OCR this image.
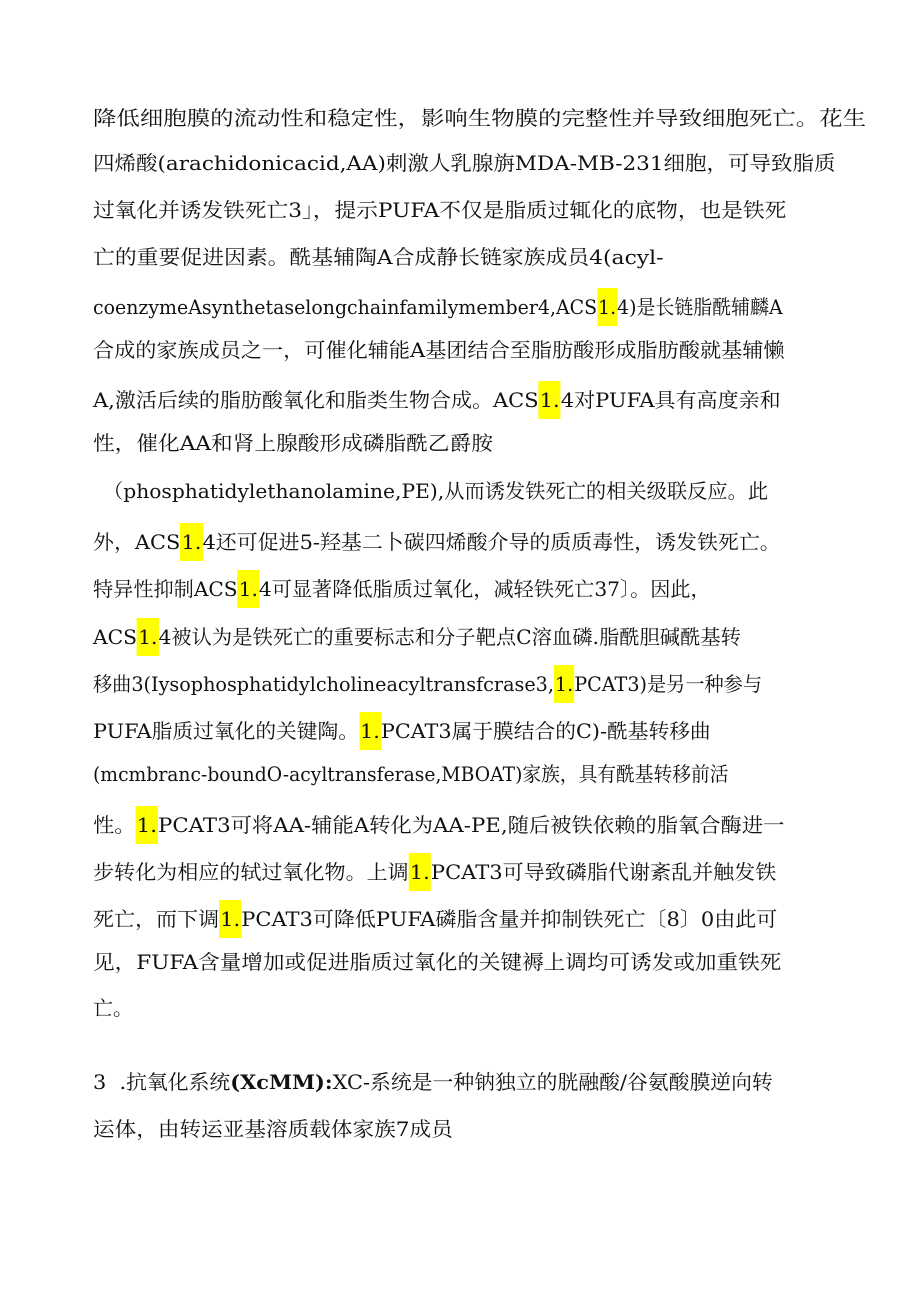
降低细胞膜的流动性和稳定性，影响生物膜的完整性并导致细胞死亡。花生
四烯酸(arachidonicacid,AA)刺激人乳腺旃MDA-MB-231细胞，可导致脂质
过氧化并诱发铁死亡3」，提示PUFA不仅是脂质过辄化的底物，也是铁死
亡的重要促进因素。酰基辅陶A合成静长链家族成员4(acyl-
coenzymeAsynthetaselongchainfamilymember4,ACS1.4)是长链脂酰辅麟A
合成的家族成员之一，可催化辅能A基团结合至脂肪酸形成脂肪酸就基辅懒
A,激活后续的脂肪酸氧化和脂类生物合成。ACS1.4对PUFA具有高度亲和
性，催化AA和肾上腺酸形成磷脂酰乙爵胺
（phosphatidylethanolamine,PE),从而诱发铁死亡的相关级联反应。此
外，ACS1.4还可促进5-羟基二卜碳四烯酸介导的质质毒性，诱发铁死亡。
特异性抑制ACS1.4可显著降低脂质过氧化，减轻铁死亡37〕。因此，
ACS1.4被认为是铁死亡的重要标志和分子靶点C溶血磷.脂酰胆碱酰基转
移曲3(Iysophosphatidylcholineacyltransfcrase3,1.PCAT3)是另一种参与
PUFA脂质过氧化的关键陶。1.PCAT3属于膜结合的C)-酰基转移曲
(mcmbranc-boundO-acyltransferase,MBOAT)家族，具有酰基转移前活
性。1.PCAT3可将AA-辅能A转化为AA-PE,随后被铁依赖的脂氧合酶进一
步转化为相应的轼过氧化物。上调1.PCAT3可导致磷脂代谢紊乱并触发铁
死亡，而下调1.PCAT3可降低PUFA磷脂含量并抑制铁死亡〔8〕0由此可
见，FUFA含量增加或促进脂质过氧化的关键褥上调均可诱发或加重铁死
亡。
3  .抗氧化系统(XcMM):XC-系统是一种钠独立的胱融酸/谷氨酸膜逆向转
运体，由转运亚基溶质载体家族7成员
